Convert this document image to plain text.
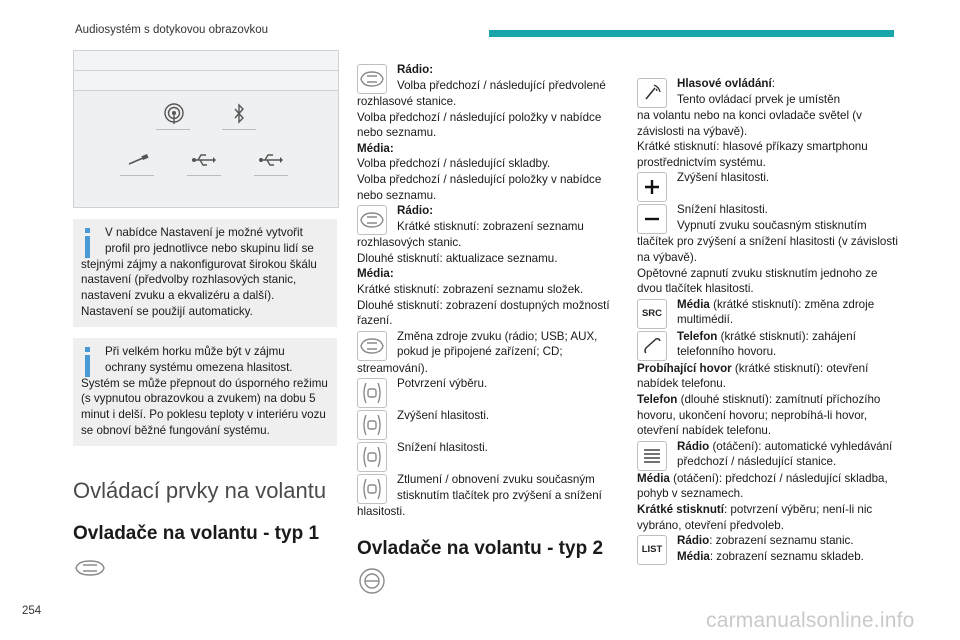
Audiosystém s dotykovou obrazovkou

V nabídce Nastavení je možné vytvořit profil pro jednotlivce nebo skupinu lidí se

stejnými zájmy a nakonfigurovat širokou škálu nastavení (předvolby rozhlasových stanic, nastavení zvuku a ekvalizéru a další). Nastavení se použijí automaticky.

Při velkém horku může být v zájmu ochrany systému omezena hlasitost.

Systém se může přepnout do úsporného režimu (s vypnutou obrazovkou a zvukem) na dobu 5 minut i delší. Po poklesu teploty v interiéru vozu se obnoví běžné fungování systému.

Ovládací prvky na volantu
Ovladače na volantu - typ 1

Rádio:

Volba předchozí / následující předvolené

rozhlasové stanice.

Volba předchozí / následující položky v nabídce nebo seznamu.

Média:

Volba předchozí / následující skladby.

Volba předchozí / následující položky v nabídce nebo seznamu.

Rádio:

Krátké stisknutí: zobrazení seznamu

rozhlasových stanic.

Dlouhé stisknutí: aktualizace seznamu.

Média:

Krátké stisknutí: zobrazení seznamu složek.

Dlouhé stisknutí: zobrazení dostupných možností řazení.

Změna zdroje zvuku (rádio; USB; AUX, pokud je připojené zařízení; CD;

streamování).

Potvrzení výběru.

Zvýšení hlasitosti.

Snížení hlasitosti.

Ztlumení / obnovení zvuku současným stisknutím tlačítek pro zvýšení a snížení

hlasitosti.

Ovladače na volantu - typ 2

Hlasové ovládání:

Tento ovládací prvek je umístěn

na volantu nebo na konci ovladače světel (v závislosti na výbavě).

Krátké stisknutí: hlasové příkazy smartphonu prostřednictvím systému.

Zvýšení hlasitosti.

Snížení hlasitosti.

Vypnutí zvuku současným stisknutím

tlačítek pro zvýšení a snížení hlasitosti (v závislosti na výbavě).

Opětovné zapnutí zvuku stisknutím jednoho ze dvou tlačítek hlasitosti.

SRC

Média (krátké stisknutí): změna zdroje multimédií.

Telefon (krátké stisknutí): zahájení telefonního hovoru.

Probíhající hovor (krátké stisknutí): otevření nabídek telefonu.

Telefon (dlouhé stisknutí): zamítnutí příchozího hovoru, ukončení hovoru; neprobíhá-li hovor, otevření nabídek telefonu.

Rádio (otáčení): automatické vyhledávání předchozí / následující stanice.

Média (otáčení): předchozí / následující skladba, pohyb v seznamech.

Krátké stisknutí: potvrzení výběru; není-li nic vybráno, otevření předvoleb.

LIST

Rádio: zobrazení seznamu stanic.

Média: zobrazení seznamu skladeb.

254	carmanualsonline.info
